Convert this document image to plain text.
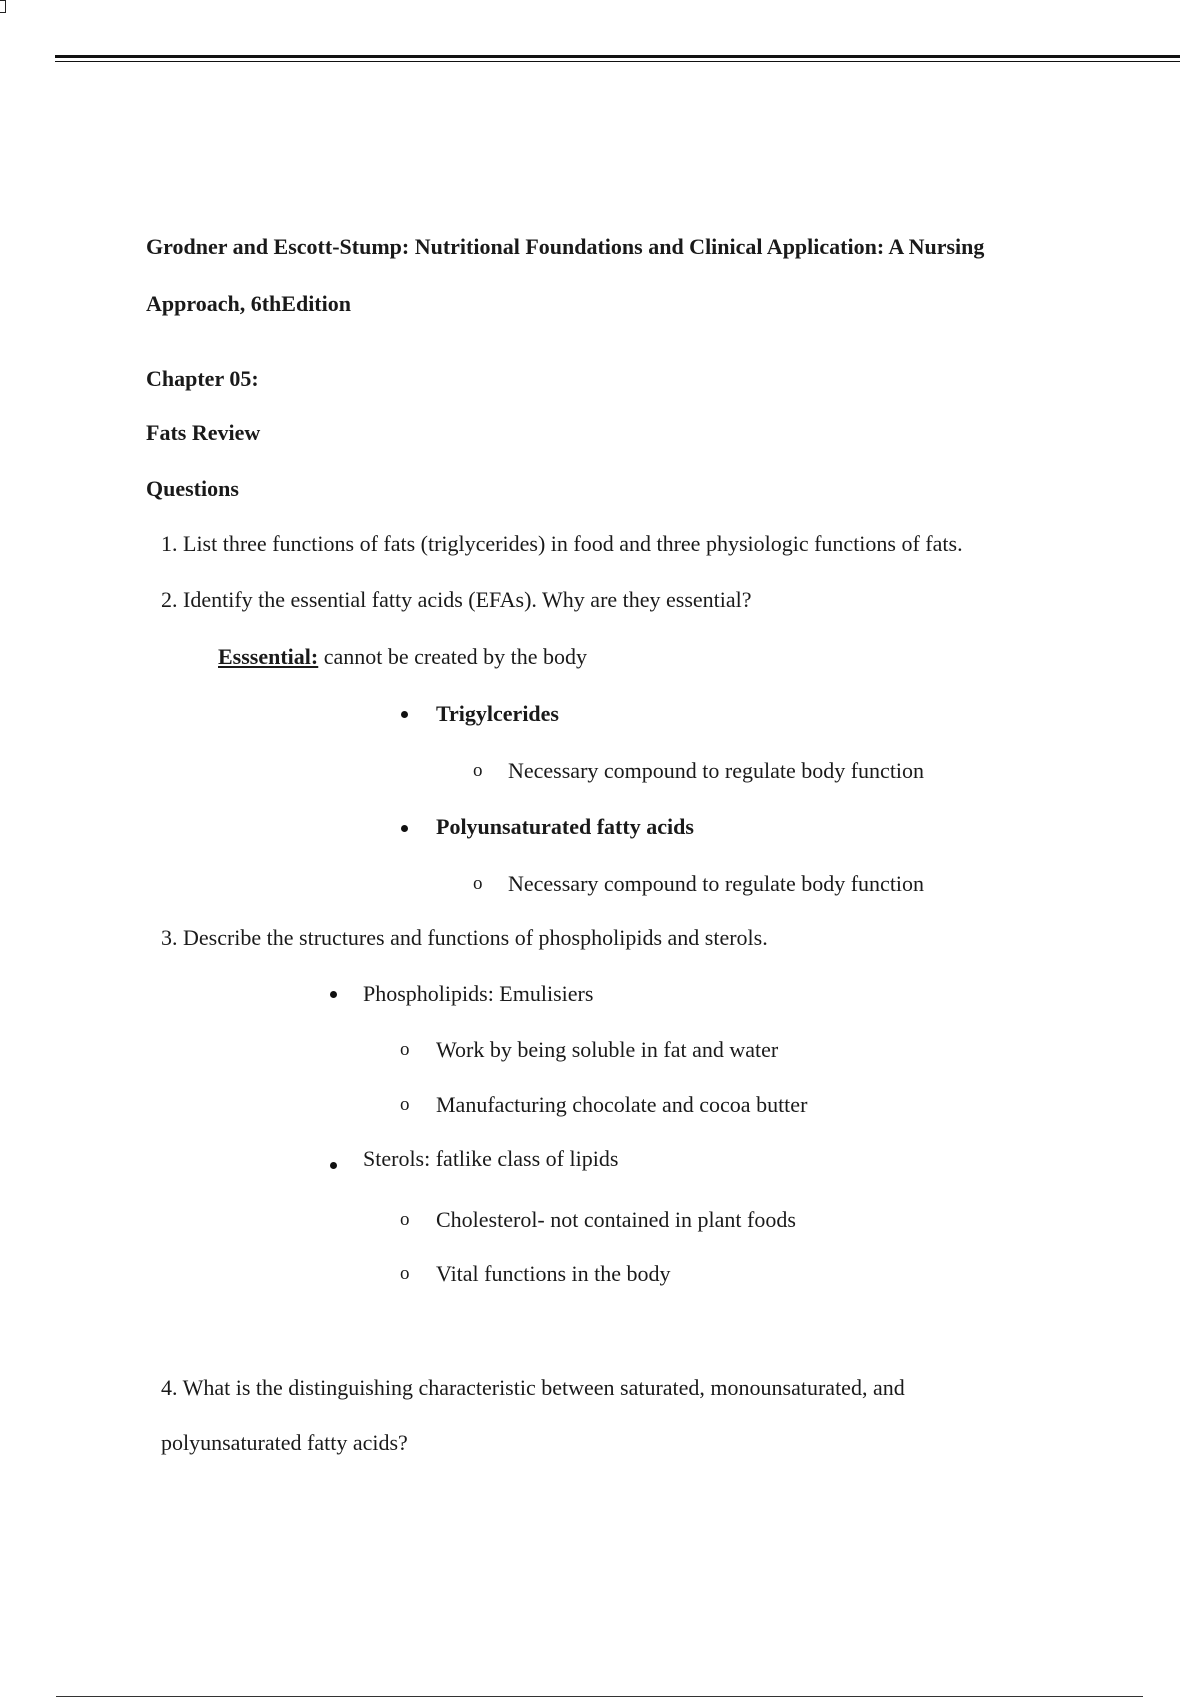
Grodner and Escott-Stump: Nutritional Foundations and Clinical Application: A Nursing
Approach, 6thEdition
Chapter 05:
Fats Review
Questions
1. List three functions of fats (triglycerides) in food and three physiologic functions of fats.
2. Identify the essential fatty acids (EFAs). Why are they essential?
Esssential: cannot be created by the body
Trigylcerides
o Necessary compound to regulate body function
Polyunsaturated fatty acids
o Necessary compound to regulate body function
3. Describe the structures and functions of phospholipids and sterols.
Phospholipids: Emulisiers
o Work by being soluble in fat and water
o Manufacturing chocolate and cocoa butter
Sterols: fatlike class of lipids
o Cholesterol- not contained in plant foods
o Vital functions in the body
4. What is the distinguishing characteristic between saturated, monounsaturated, and
polyunsaturated fatty acids?
